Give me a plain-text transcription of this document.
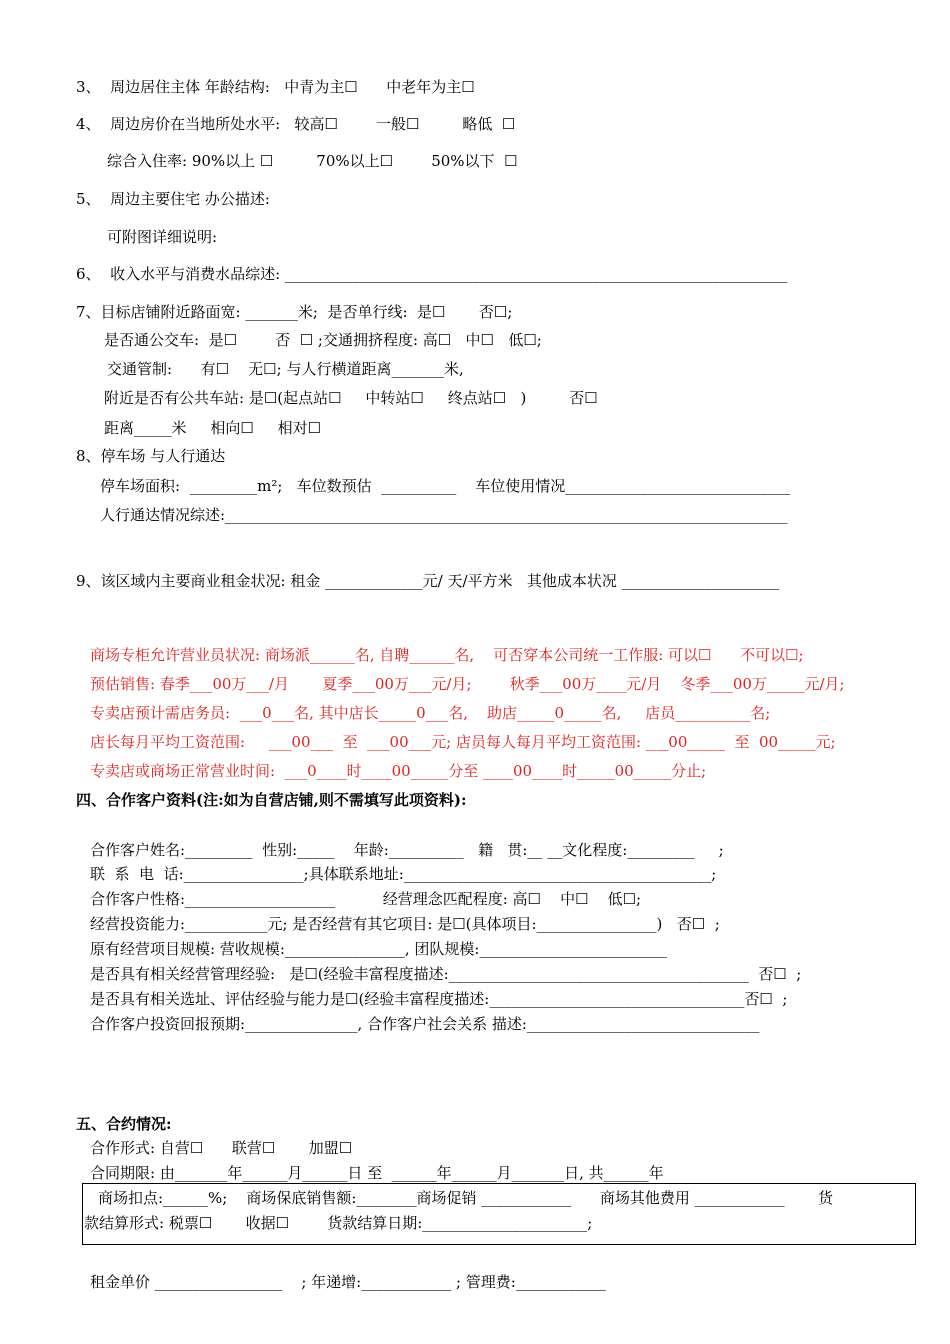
3、  周边居住主体 年龄结构:   中青为主☐      中老年为主☐
4、  周边房价在当地所处水平:   较高☐        一般☐         略低  ☐
综合入住率: 90%以上 ☐         70%以上☐        50%以下  ☐
5、  周边主要住宅 办公描述:
可附图详细说明:
6、  收入水平与消费水品综述: ___________________________________________________________________
7、目标店铺附近路面宽: _______米;  是否单行线:  是☐       否☐;
是否通公交车:  是☐        否  ☐ ;交通拥挤程度: 高☐   中☐   低☐;
交通管制:      有☐    无☐; 与人行横道距离_______米,
附近是否有公共车站: 是☐(起点站☐     中转站☐     终点站☐   )         否☐
距离_____米     相向☐     相对☐
8、停车场 与人行通达
停车场面积:  _________m²;   车位数预估  __________    车位使用情况______________________________
人行通达情况综述:___________________________________________________________________________
9、该区域内主要商业租金状况: 租金 _____________元/ 天/平方米   其他成本状况 _____________________
商场专柜允许营业员状况: 商场派______名, 自聘______名,    可否穿本公司统一工作服: 可以☐      不可以☐;
预估销售: 春季___00万___/月       夏季___00万___元/月;        秋季___00万____元/月    冬季___00万_____元/月;
专卖店预计需店务员:  ___0___名, 其中店长_____0___名,    助店_____0_____名,     店员__________名;
店长每月平均工资范围:     ___00___  至  ___00___元; 店员每人每月平均工资范围: ___00_____  至  00_____元;
专卖店或商场正常营业时间:  ___0____时____00_____分至 ____00____时_____00_____分止;
四、合作客户资料(注:如为自营店铺,则不需填写此项资料):
合作客户姓名:_________  性别:_____    年龄:__________   籍   贯:__ __文化程度:_________     ;
联  系  电  话:________________;具体联系地址:_________________________________________;
合作客户性格:____________________          经营理念匹配程度: 高☐    中☐    低☐;
经营投资能力:___________元; 是否经营有其它项目: 是☐(具体项目:________________)   否☐  ;
原有经营项目规模: 营收规模:________________, 团队规模:_________________________
是否具有相关经营管理经验:   是☐(经验丰富程度描述:________________________________________  否☐  ;
是否具有相关选址、评估经验与能力是☐(经验丰富程度描述:__________________________________否☐  ;
合作客户投资回报预期:_______________, 合作客户社会关系 描述:_______________________________
五、合约情况:
合作形式: 自营☐      联营☐       加盟☐
合同期限: 由_______年______月______日 至  ______年______月_______日, 共______年
商场扣点:______%;    商场保底销售额:________商场促销 ____________      商场其他费用 ____________       货
款结算形式: 税票☐       收据☐        货款结算日期:______________________;
租金单价 _________________    ; 年递增:____________ ; 管理费:____________
